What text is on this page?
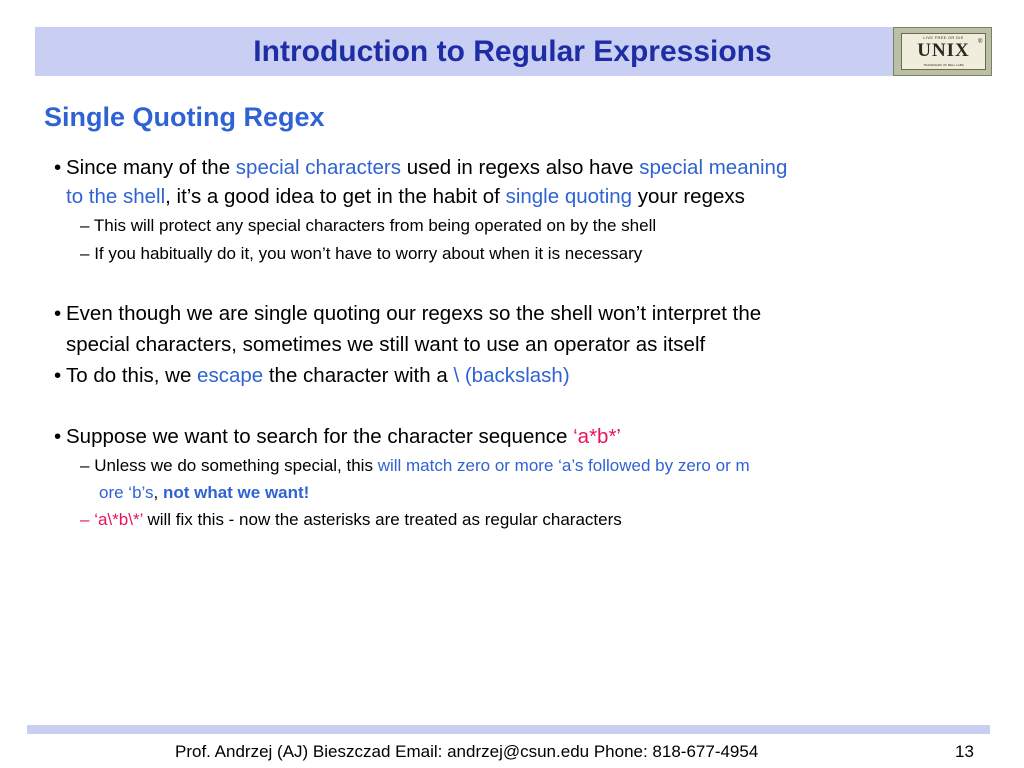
Introduction to Regular Expressions	LIVE FREE OR DIE
UNIX	®
TRADEMARK OF BELL LABS
Single Quoting Regex
• Since many of the special characters used in regexs also have special meaning
to the shell, it’s a good idea to get in the habit of single quoting your regexs
– This will protect any special characters from being operated on by the shell
– If you habitually do it, you won’t have to worry about when it is necessary
• Even though we are single quoting our regexs so the shell won’t interpret the
special characters, sometimes we still want to use an operator as itself
• To do this, we escape the character with a \ (backslash)
• Suppose we want to search for the character sequence ‘a*b*’
– Unless we do something special, this will match zero or more ‘a’s followed by zero or m
ore ‘b’s, not what we want!
– ‘a\*b\*’ will fix this - now the asterisks are treated as regular characters
Prof. Andrzej (AJ) Bieszczad Email: andrzej@csun.edu Phone: 818-677-4954	13
